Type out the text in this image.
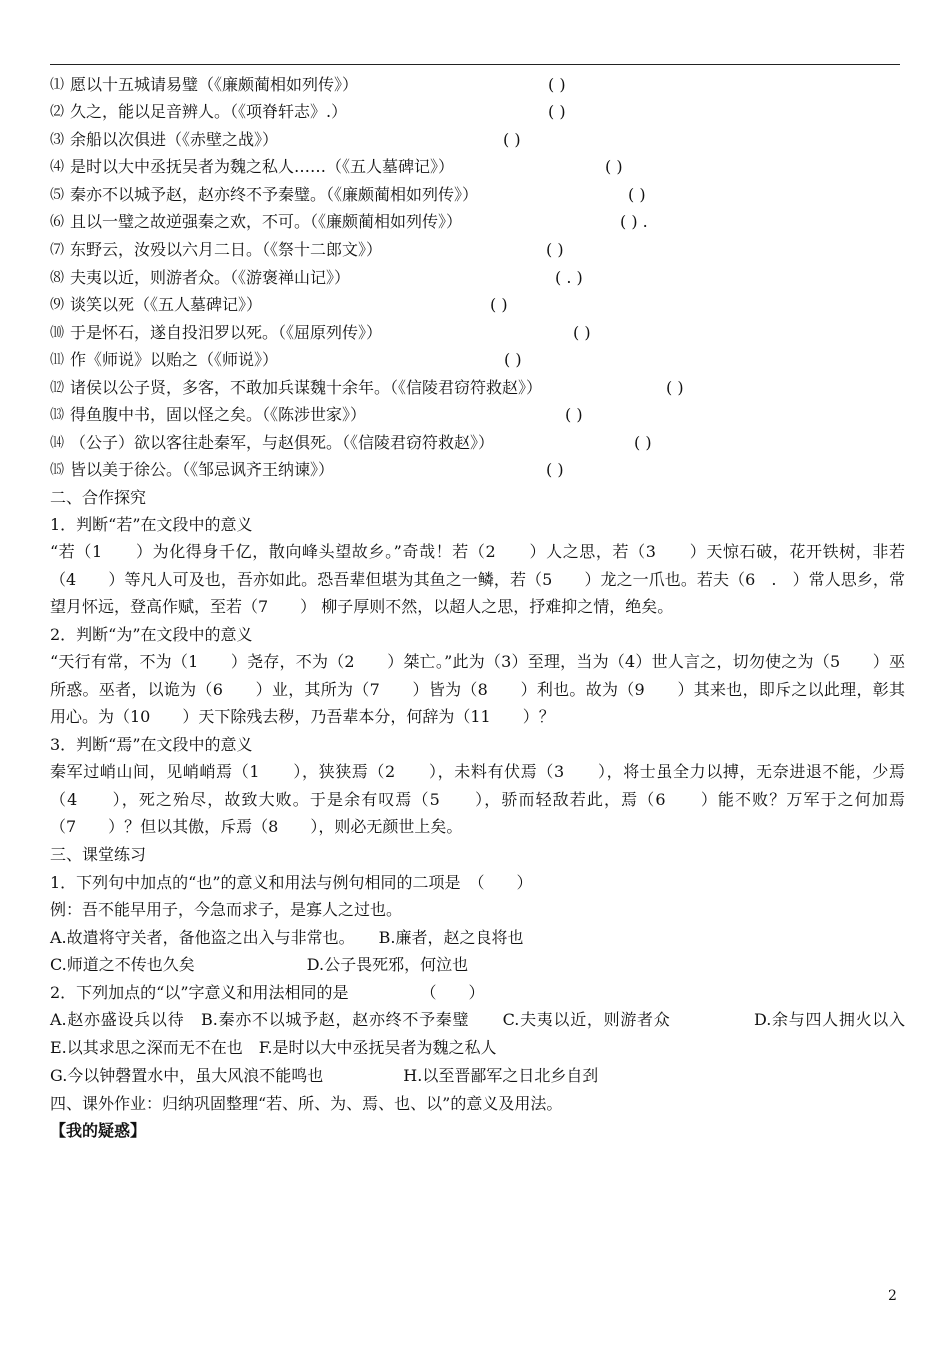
⑴ 愿以十五城请易璧（《廉颇蔺相如列传》）	( )
⑵ 久之，能以足音辨人。（《项脊轩志》.）	( )
⑶ 余船以次俱进（《赤壁之战》）	( )
⑷ 是时以大中丞抚吴者为魏之私人……（《五人墓碑记》）	( )
⑸ 秦亦不以城予赵，赵亦终不予秦璧。（《廉颇蔺相如列传》）	( )
⑹ 且以一璧之故逆强秦之欢，不可。（《廉颇蔺相如列传》）	( ) .
⑺ 东野云，汝殁以六月二日。（《祭十二郎文》）	( )
⑻ 夫夷以近，则游者众。（《游褒禅山记》）	( . )
⑼ 谈笑以死（《五人墓碑记》）	( )
⑽ 于是怀石，遂自投汨罗以死。（《屈原列传》）	( )
⑾ 作《师说》以贻之（《师说》）	( )
⑿ 诸侯以公子贤，多客，不敢加兵谋魏十余年。（《信陵君窃符救赵》）	( )
⒀ 得鱼腹中书，固以怪之矣。（《陈涉世家》）	( )
⒁ （公子）欲以客往赴秦军，与赵俱死。（《信陵君窃符救赵》）	( )
⒂ 皆以美于徐公。（《邹忌讽齐王纳谏》）	( )
二、合作探究
1．判断“若”在文段中的意义
“若（1　　）为化得身千亿，散向峰头望故乡。”奇哉！若（2　　）人之思，若（3　　）天惊石破，花开铁树，非若（4　　）等凡人可及也，吾亦如此。恐吾辈但堪为其鱼之一鳞，若（5　　）龙之一爪也。若夫（6　.　）常人思乡，常望月怀远，登高作赋，至若（7　　） 柳子厚则不然，以超人之思，抒难抑之情，绝矣。
2．判断“为”在文段中的意义
“天行有常，不为（1　　）尧存，不为（2　　）桀亡。”此为（3）至理，当为（4）世人言之，切勿使之为（5　　）巫所惑。巫者，以诡为（6　　）业，其所为（7　　）皆为（8　　）利也。故为（9　　）其来也，即斥之以此理，彰其用心。为（10　　）天下除残去秽，乃吾辈本分，何辞为（11　　）？
3．判断“焉”在文段中的意义
秦军过峭山间，见峭峭焉（1　　），狭狭焉（2　　），未料有伏焉（3　　），将士虽全力以搏，无奈进退不能，少焉（4　　），死之殆尽，故致大败。于是余有叹焉（5　　），骄而轻敌若此，焉（6　　）能不败？万军于之何加焉（7　　）？但以其傲，斥焉（8　　），则必无颜世上矣。
三、课堂练习
1．下列句中加点的“也”的意义和用法与例句相同的二项是　（　　）
例：吾不能早用子，今急而求子，是寡人之过也。
A.故遣将守关者，备他盗之出入与非常也。　　B.廉者，赵之良将也
C.师道之不传也久矣　　　　　　　D.公子畏死邪，何泣也
2．下列加点的“以”字意义和用法相同的是　　　　　（　　）
A.赵亦盛设兵以待　B.秦亦不以城予赵，赵亦终不予秦璧　　C.夫夷以近，则游者众　　　　　D.余与四人拥火以入　　E.以其求思之深而无不在也　F.是时以大中丞抚吴者为魏之私人
G.今以钟磬置水中，虽大风浪不能鸣也　　　　　H.以至晋鄙军之日北乡自刭
四、课外作业：归纳巩固整理“若、所、为、焉、也、以”的意义及用法。
【我的疑惑】
2
